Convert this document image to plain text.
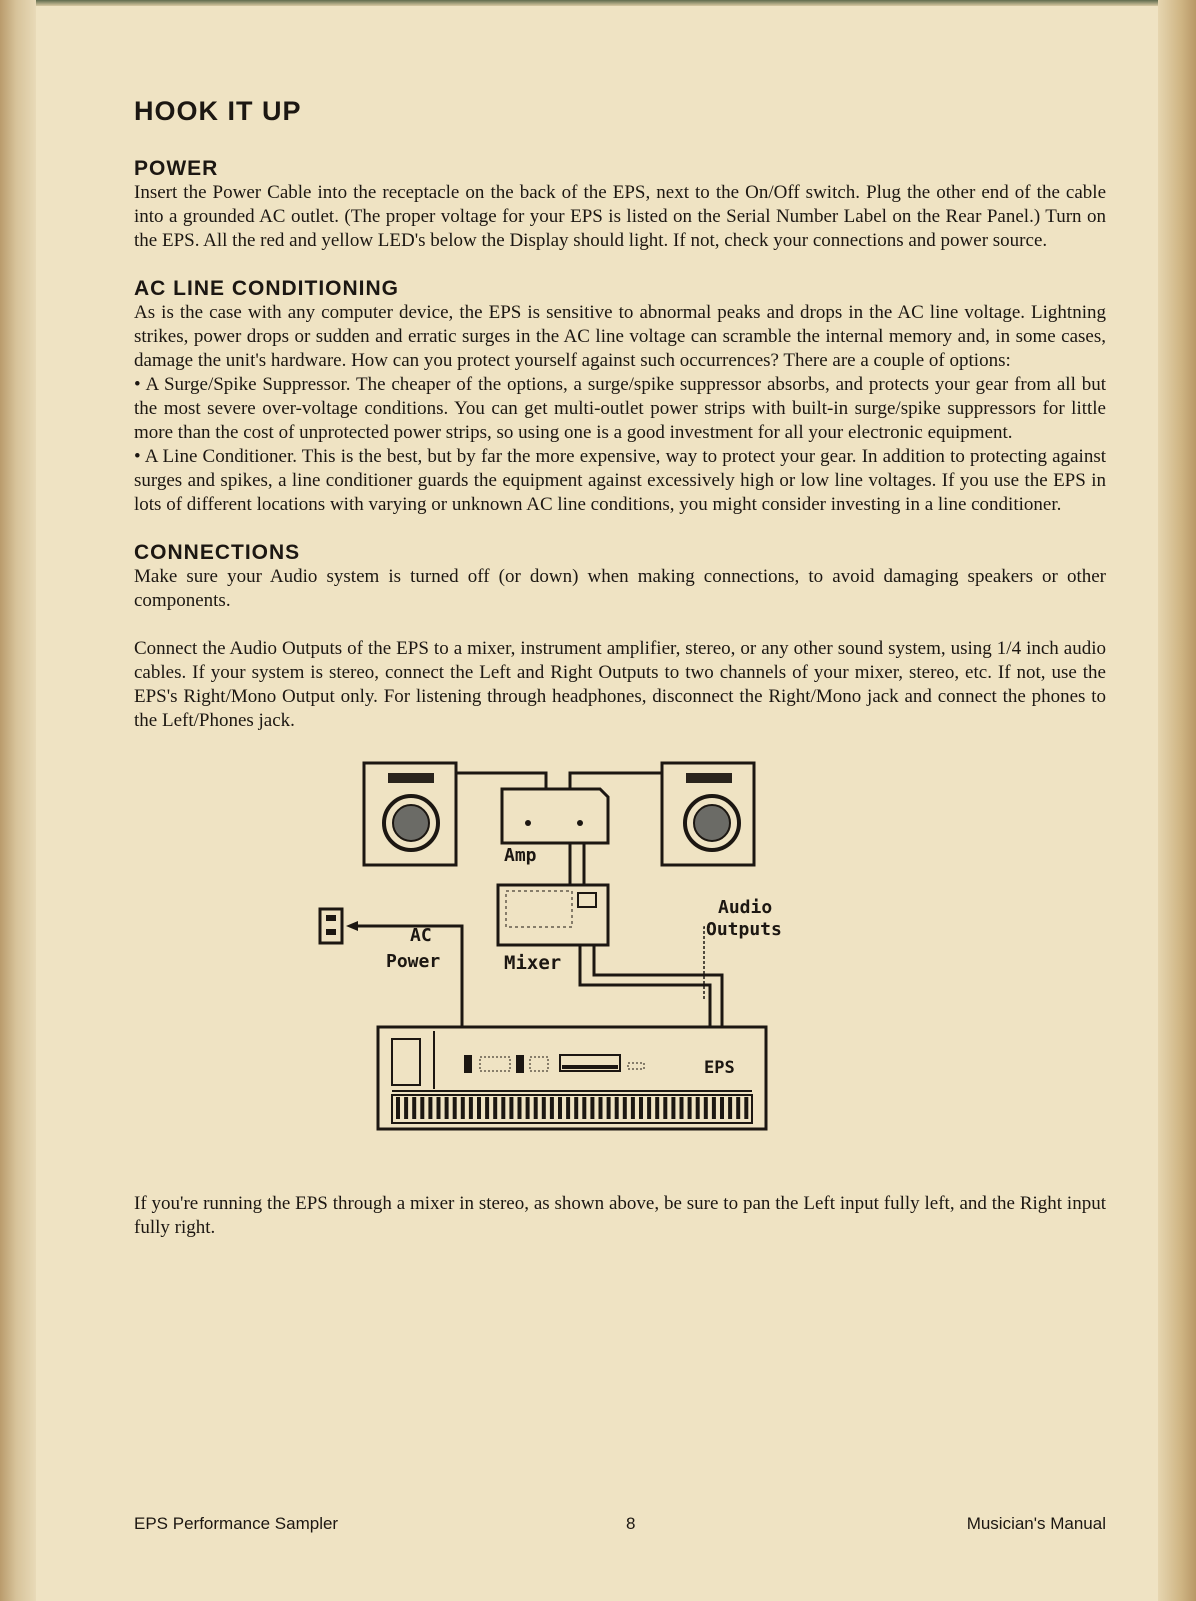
HOOK IT UP
POWER

Insert the Power Cable into the receptacle on the back of the EPS, next to the On/Off switch. Plug the other end of the cable into a grounded AC outlet. (The proper voltage for your EPS is listed on the Serial Number Label on the Rear Panel.) Turn on the EPS. All the red and yellow LED's below the Display should light. If not, check your connections and power source.

AC LINE CONDITIONING

As is the case with any computer device, the EPS is sensitive to abnormal peaks and drops in the AC line voltage. Lightning strikes, power drops or sudden and erratic surges in the AC line voltage can scramble the internal memory and, in some cases, damage the unit's hardware. How can you protect yourself against such occurrences? There are a couple of options:

• A Surge/Spike Suppressor. The cheaper of the options, a surge/spike suppressor absorbs, and protects your gear from all but the most severe over-voltage conditions. You can get multi-outlet power strips with built-in surge/spike suppressors for little more than the cost of unprotected power strips, so using one is a good investment for all your electronic equipment.

• A Line Conditioner. This is the best, but by far the more expensive, way to protect your gear. In addition to protecting against surges and spikes, a line conditioner guards the equipment against excessively high or low line voltages. If you use the EPS in lots of different locations with varying or unknown AC line conditions, you might consider investing in a line conditioner.

CONNECTIONS

Make sure your Audio system is turned off (or down) when making connections, to avoid damaging speakers or other components.

Connect the Audio Outputs of the EPS to a mixer, instrument amplifier, stereo, or any other sound system, using 1/4 inch audio cables. If your system is stereo, connect the Left and Right Outputs to two channels of your mixer, stereo, etc. If not, use the EPS's Right/Mono Output only. For listening through headphones, disconnect the Right/Mono jack and connect the phones to the Left/Phones jack.

Amp
Mixer
AC
Power
Audio
Outputs
EPS

If you're running the EPS through a mixer in stereo, as shown above, be sure to pan the Left input fully left, and the Right input fully right.

EPS Performance Sampler	8	Musician's Manual
